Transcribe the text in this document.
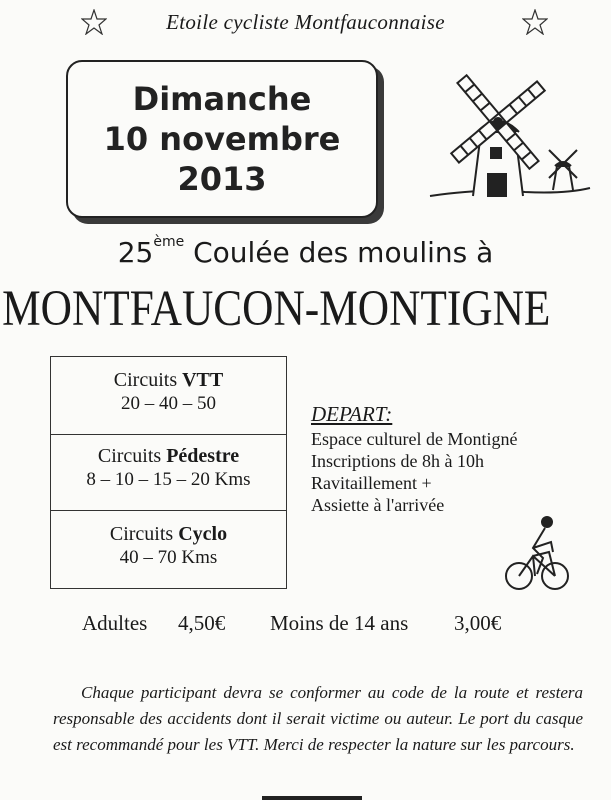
Etoile cycliste Montfauconnaise
Dimanche
10 novembre
2013
25ème Coulée des moulins à
MONTFAUCON-MONTIGNE
Circuits VTT
20 – 40 – 50
Circuits Pédestre
8 – 10 – 15 – 20 Kms
Circuits Cyclo
40 – 70 Kms
DEPART:
Espace culturel de Montigné
Inscriptions de 8h à 10h
Ravitaillement +
Assiette à l'arrivée
Adultes 4,50€ Moins de 14 ans 3,00€
Chaque participant devra se conformer au code de la route et restera responsable des accidents dont il serait victime ou auteur. Le port du casque est recommandé pour les VTT. Merci de respecter la nature sur les parcours.
